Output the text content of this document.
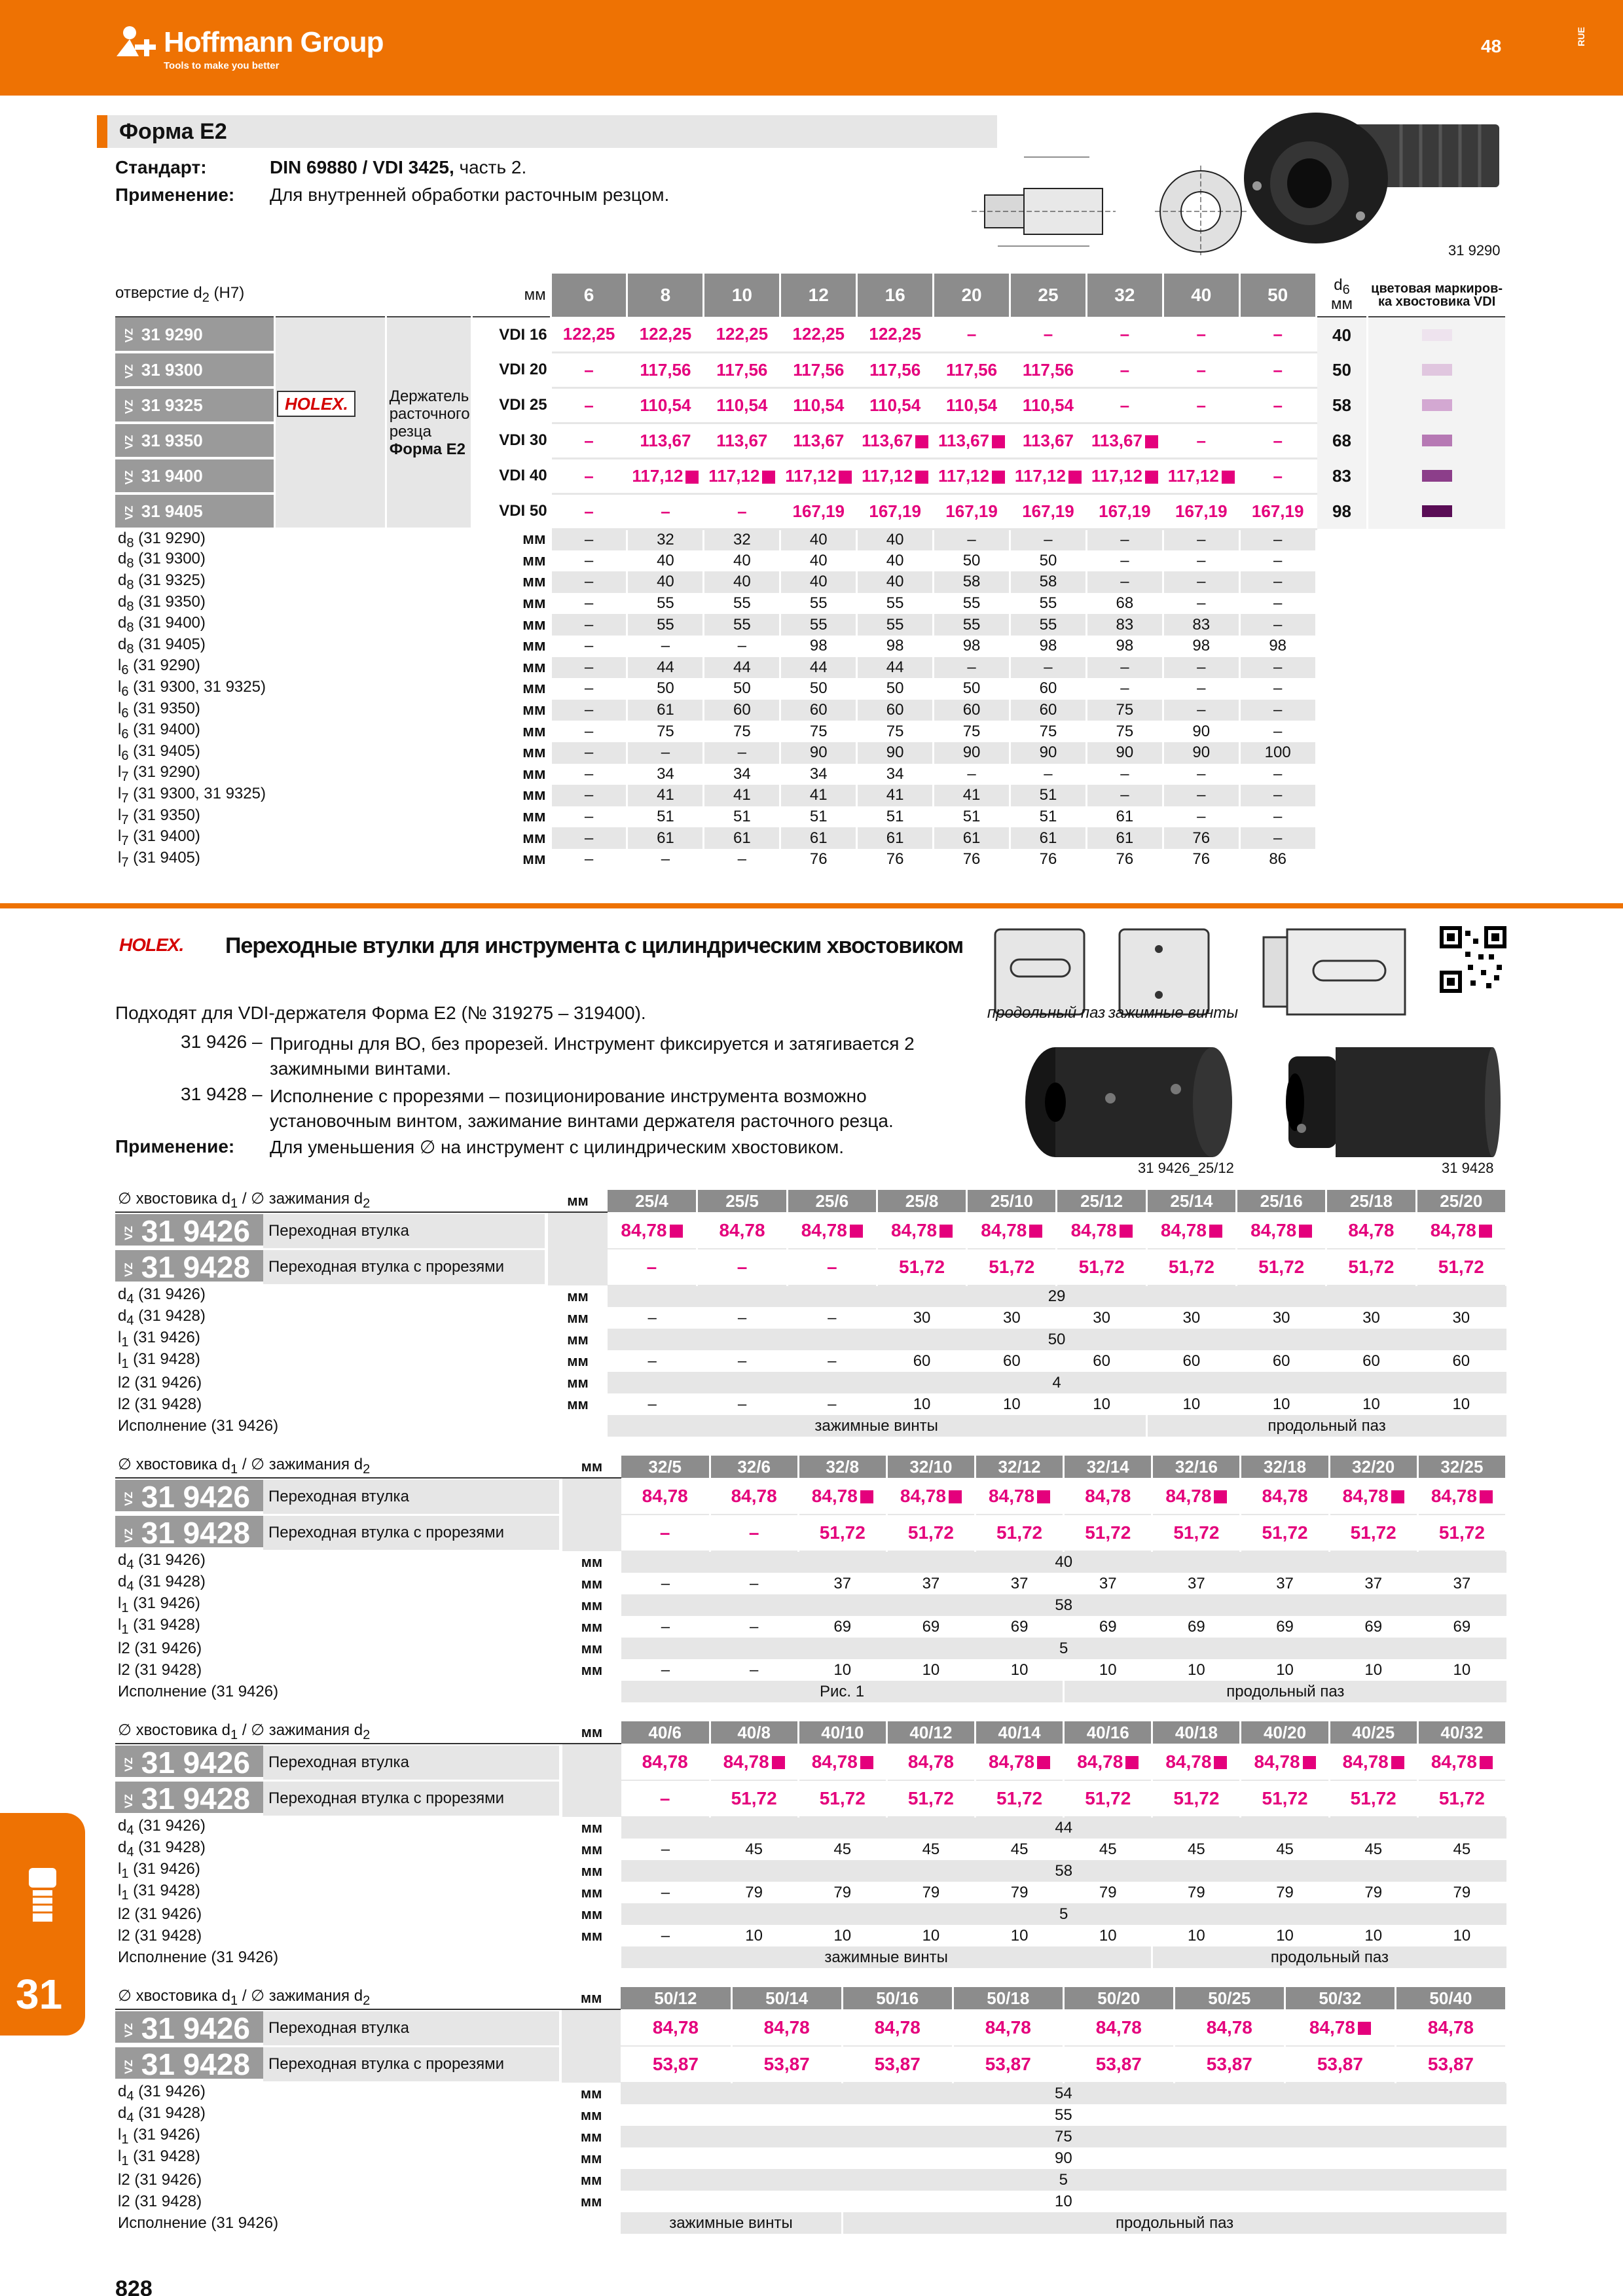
Hoffmann Group
Tools to make you better
48	RUE
Форма E2
Стандарт:	DIN 69880 / VDI 3425, часть 2.
Применение: Для внутренней обработки расточным резцом.
31 9290
отверстие $d_2$ (H7)		мм		6	8	10	12	16	20	25	32	40	50	$d_6$
мм	цветовая маркиров-ка хвостовика VDI
VZ 31 9290	HOLEX.	Держатель расточного резца
Форма E2	VDI 16	122,25	122,25	122,25	122,25	122,25	–	–	–	–	–	40	
VZ 31 9300			VDI 20	–	117,56	117,56	117,56	117,56	117,56	117,56	–	–	–	50	
VZ 31 9325			VDI 25	–	110,54	110,54	110,54	110,54	110,54	110,54	–	–	–	58	
VZ 31 9350			VDI 30	–	113,67	113,67	113,67	113,67	113,67	113,67	113,67	–	–	68	
VZ 31 9400			VDI 40	–	117,12	117,12	117,12	117,12	117,12	117,12	117,12	117,12	–	83	
VZ 31 9405			VDI 50	–	–	–	167,19	167,19	167,19	167,19	167,19	167,19	167,19	98	
$d_8$ (31 9290)			мм	–	32	32	40	40	–	–	–	–	–		
$d_8$ (31 9300)			мм	–	40	40	40	40	50	50	–	–	–		
$d_8$ (31 9325)			мм	–	40	40	40	40	58	58	–	–	–		
$d_8$ (31 9350)			мм	–	55	55	55	55	55	55	68	–	–		
$d_8$ (31 9400)			мм	–	55	55	55	55	55	55	83	83	–		
$d_8$ (31 9405)			мм	–	–	–	98	98	98	98	98	98	98		
$l_6$ (31 9290)			мм	–	44	44	44	44	–	–	–	–	–		
$l_6$ (31 9300, 31 9325)			мм	–	50	50	50	50	50	60	–	–	–		
$l_6$ (31 9350)			мм	–	61	60	60	60	60	60	75	–	–		
$l_6$ (31 9400)			мм	–	75	75	75	75	75	75	75	90	–		
$l_6$ (31 9405)			мм	–	–	–	90	90	90	90	90	90	100		
$l_7$ (31 9290)			мм	–	34	34	34	34	–	–	–	–	–		
$l_7$ (31 9300, 31 9325)			мм	–	41	41	41	41	41	51	–	–	–		
$l_7$ (31 9350)			мм	–	51	51	51	51	51	51	61	–	–		
$l_7$ (31 9400)			мм	–	61	61	61	61	61	61	61	76	–		
$l_7$ (31 9405)			мм	–	–	–	76	76	76	76	76	76	86		
HOLEX. Переходные втулки для инструмента с цилиндрическим хвостовиком
продольный паз зажимные винты
Подходят для VDI-держателя Форма E2 (№ 319275 – 319400).
31 9426 – Пригодны для ВО, без прорезей. Инструмент фиксируется и затягивается 2 зажимными винтами.
31 9428 – Исполнение с прорезями – позиционирование инструмента возможно установочным винтом, зажимание винтами держателя расточного резца.
Применение: Для уменьшения ∅ на инструмент с цилиндрическим хвостовиком.
31 9426_25/12	31 9428
∅ хвостовика $d_1$ / ∅ зажимания $d_2$	мм	25/4	25/5	25/6	25/8	25/10	25/12	25/14	25/16	25/18	25/20
VZ 31 9426 Переходная втулка		84,78	84,78	84,78	84,78	84,78	84,78	84,78	84,78	84,78	84,78
VZ 31 9428 Переходная втулка с прорезями		–	–	–	51,72	51,72	51,72	51,72	51,72	51,72	51,72
$d_4$ (31 9426)	мм	29									
$d_4$ (31 9428)	мм	–	–	–	30	30	30	30	30	30	30
$l_1$ (31 9426)	мм	50									
$l_1$ (31 9428)	мм	–	–	–	60	60	60	60	60	60	60
l2 (31 9426)	мм	4									
l2 (31 9428)	мм	–	–	–	10	10	10	10	10	10	10
Исполнение (31 9426)		зажимные винты						продольный паз			
∅ хвостовика $d_1$ / ∅ зажимания $d_2$	мм	32/5	32/6	32/8	32/10	32/12	32/14	32/16	32/18	32/20	32/25
VZ 31 9426 Переходная втулка		84,78	84,78	84,78	84,78	84,78	84,78	84,78	84,78	84,78	84,78
VZ 31 9428 Переходная втулка с прорезями		–	–	51,72	51,72	51,72	51,72	51,72	51,72	51,72	51,72
$d_4$ (31 9426)	мм	40									
$d_4$ (31 9428)	мм	–	–	37	37	37	37	37	37	37	37
$l_1$ (31 9426)	мм	58									
$l_1$ (31 9428)	мм	–	–	69	69	69	69	69	69	69	69
l2 (31 9426)	мм	5									
l2 (31 9428)	мм	–	–	10	10	10	10	10	10	10	10
Исполнение (31 9426)		Рис. 1					продольный паз				
∅ хвостовика $d_1$ / ∅ зажимания $d_2$	мм	40/6	40/8	40/10	40/12	40/14	40/16	40/18	40/20	40/25	40/32
VZ 31 9426 Переходная втулка		84,78	84,78	84,78	84,78	84,78	84,78	84,78	84,78	84,78	84,78
VZ 31 9428 Переходная втулка с прорезями		–	51,72	51,72	51,72	51,72	51,72	51,72	51,72	51,72	51,72
$d_4$ (31 9426)	мм	44									
$d_4$ (31 9428)	мм	–	45	45	45	45	45	45	45	45	45
$l_1$ (31 9426)	мм	58									
$l_1$ (31 9428)	мм	–	79	79	79	79	79	79	79	79	79
l2 (31 9426)	мм	5									
l2 (31 9428)	мм	–	10	10	10	10	10	10	10	10	10
Исполнение (31 9426)		зажимные винты						продольный паз			
∅ хвостовика $d_1$ / ∅ зажимания $d_2$	мм	50/12	50/14	50/16	50/18	50/20	50/25	50/32	50/40
VZ 31 9426 Переходная втулка		84,78	84,78	84,78	84,78	84,78	84,78	84,78	84,78
VZ 31 9428 Переходная втулка с прорезями		53,87	53,87	53,87	53,87	53,87	53,87	53,87	53,87
$d_4$ (31 9426)	мм	54							
$d_4$ (31 9428)	мм	55							
$l_1$ (31 9426)	мм	75							
$l_1$ (31 9428)	мм	90							
l2 (31 9426)	мм	5							
l2 (31 9428)	мм	10							
Исполнение (31 9426)		зажимные винты		продольный паз					
31
828
